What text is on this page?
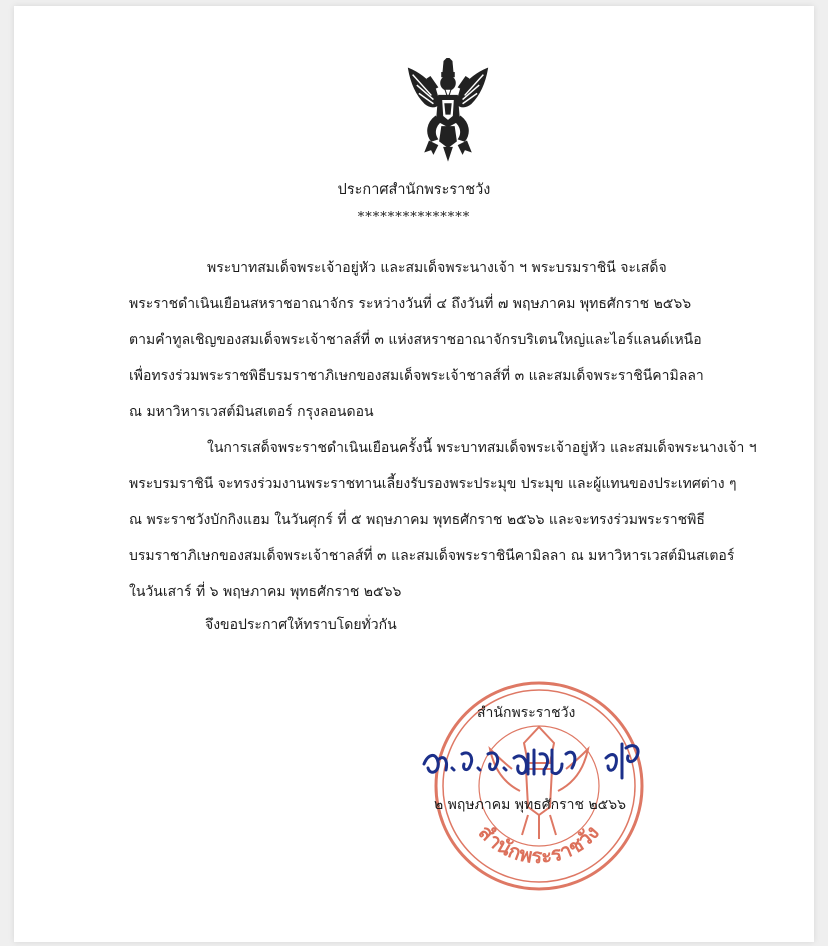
ประกาศสำนักพระราชวัง
***************
พระบาทสมเด็จพระเจ้าอยู่หัว และสมเด็จพระนางเจ้า ฯ พระบรมราชินี จะเสด็จ
พระราชดำเนินเยือนสหราชอาณาจักร ระหว่างวันที่ ๔ ถึงวันที่ ๗ พฤษภาคม พุทธศักราช ๒๕๖๖
ตามคำทูลเชิญของสมเด็จพระเจ้าชาลส์ที่ ๓ แห่งสหราชอาณาจักรบริเตนใหญ่และไอร์แลนด์เหนือ
เพื่อทรงร่วมพระราชพิธีบรมราชาภิเษกของสมเด็จพระเจ้าชาลส์ที่ ๓ และสมเด็จพระราชินีคามิลลา
ณ มหาวิหารเวสต์มินสเตอร์ กรุงลอนดอน
ในการเสด็จพระราชดำเนินเยือนครั้งนี้ พระบาทสมเด็จพระเจ้าอยู่หัว และสมเด็จพระนางเจ้า ฯ
พระบรมราชินี จะทรงร่วมงานพระราชทานเลี้ยงรับรองพระประมุข ประมุข และผู้แทนของประเทศต่าง ๆ
ณ พระราชวังบักกิงแฮม ในวันศุกร์ ที่ ๕ พฤษภาคม พุทธศักราช ๒๕๖๖ และจะทรงร่วมพระราชพิธี
บรมราชาภิเษกของสมเด็จพระเจ้าชาลส์ที่ ๓ และสมเด็จพระราชินีคามิลลา ณ มหาวิหารเวสต์มินสเตอร์
ในวันเสาร์ ที่ ๖ พฤษภาคม พุทธศักราช ๒๕๖๖
จึงขอประกาศให้ทราบโดยทั่วกัน
สำนักพระราชวัง
สำนักพระราชวัง
๒ พฤษภาคม พุทธศักราช ๒๕๖๖
